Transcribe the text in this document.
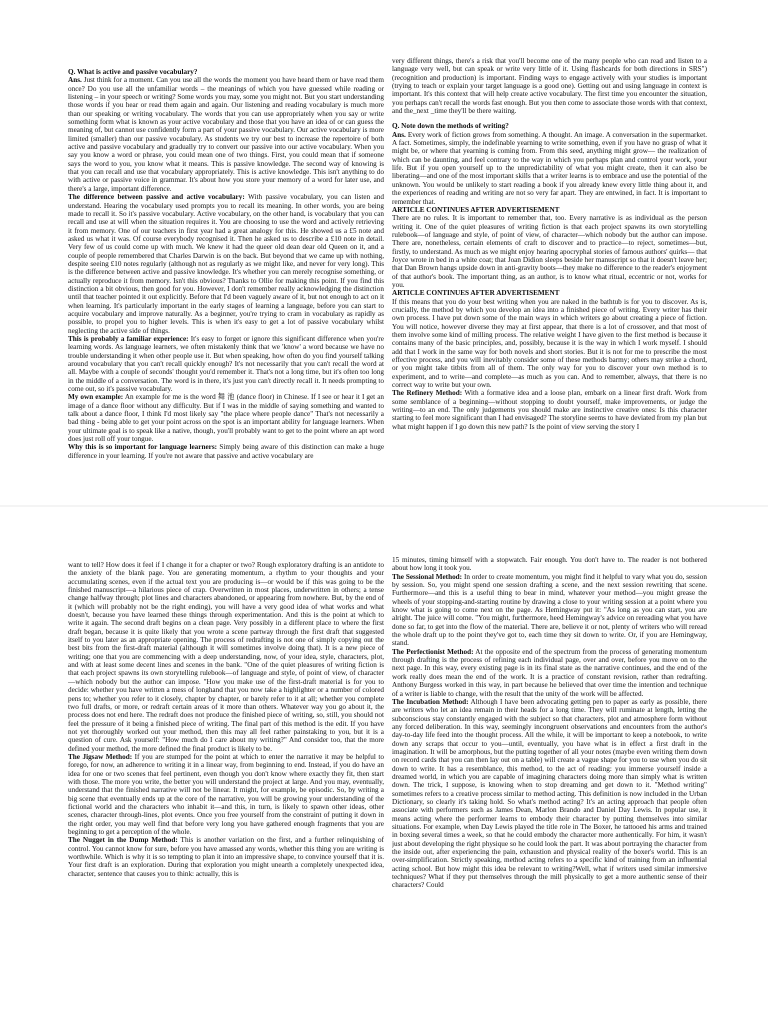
Q. What is active and passive vocabulary?

Ans. Just think for a moment. Can you use all the words the moment you have heard them or have read them once? Do you use all the unfamiliar words – the meanings of which you have guessed while reading or listening – in your speech or writing? Some words you may, some you might not. But you start understanding those words if you hear or read them again and again. Our listening and reading vocabulary is much more than our speaking or writing vocabulary. The words that you can use appropriately when you say or write something form what is known as your active vocabulary and those that you have an idea of or can guess the meaning of, but cannot use confidently form a part of your passive vocabulary. Our active vocabulary is more limited (smaller) than our passive vocabulary. As students we try our best to increase the repertoire of both active and passive vocabulary and gradually try to convert our passive into our active vocabulary. When you say you know a word or phrase, you could mean one of two things. First, you could mean that if someone says the word to you, you know what it means. This is passive knowledge. The second way of knowing is that you can recall and use that vocabulary appropriately. This is active knowledge. This isn't anything to do with active or passive voice in grammar. It's about how you store your memory of a word for later use, and there's a large, important difference.

The difference between passive and active vocabulary: With passive vocabulary, you can listen and understand. Hearing the vocabulary used prompts you to recall its meaning. In other words, you are being made to recall it. So it's passive vocabulary. Active vocabulary, on the other hand, is vocabulary that you can recall and use at will when the situation requires it. You are choosing to use the word and actively retrieving it from memory. One of our teachers in first year had a great analogy for this. He showed us a £5 note and asked us what it was. Of course everybody recognised it. Then he asked us to describe a £10 note in detail. Very few of us could come up with much. We knew it had the queer old dean dear old Queen on it, and a couple of people remembered that Charles Darwin is on the back. But beyond that we came up with nothing, despite seeing £10 notes regularly (although not as regularly as we might like, and never for very long). This is the difference between active and passive knowledge. It's whether you can merely recognise something, or actually reproduce it from memory. Isn't this obvious? Thanks to Ollie for making this point. If you find this distinction a bit obvious, then good for you. However, I don't remember really acknowledging the distinction until that teacher pointed it out explicitly. Before that I'd been vaguely aware of it, but not enough to act on it when learning. It's particularly important in the early stages of learning a language, before you can start to acquire vocabulary and improve naturally. As a beginner, you're trying to cram in vocabulary as rapidly as possible, to propel you to higher levels. This is when it's easy to get a lot of passive vocabulary whilst neglecting the active side of things.

This is probably a familiar experience: It's easy to forget or ignore this significant difference when you're learning words. As language learners, we often mistakenly think that we 'know' a word because we have no trouble understanding it when other people use it. But when speaking, how often do you find yourself talking around vocabulary that you can't recall quickly enough? It's not necessarily that you can't recall the word at all. Maybe with a couple of seconds' thought you'd remember it. That's not a long time, but it's often too long in the middle of a conversation. The word is in there, it's just you can't directly recall it. It needs prompting to come out, so it's passive vocabulary.

My own example: An example for me is the word 舞 池 (dance floor) in Chinese. If I see or hear it I get an image of a dance floor without any difficulty. But if I was in the middle of saying something and wanted to talk about a dance floor, I think I'd most likely say "the place where people dance" That's not necessarily a bad thing - being able to get your point across on the spot is an important ability for language learners. When your ultimate goal is to speak like a native, though, you'll probably want to get to the point where an apt word does just roll off your tongue.

Why this is so important for language learners: Simply being aware of this distinction can make a huge difference in your learning. If you're not aware that passive and active vocabulary are

very different things, there's a risk that you'll become one of the many people who can read and listen to a language very well, but can speak or write very little of it. Using flashcards for both directions in SRS") (recognition and production) is important. Finding ways to engage actively with your studies is important (trying to teach or explain your target language is a good one). Getting out and using language in context is important. It's this context that will help create active vocabulary. The first time you encounter the situation, you perhaps can't recall the words fast enough. But you then come to associate those words with that context, and the_next _time they'll be there waiting.

Q. Note down the methods of writing?

Ans. Every work of fiction grows from something. A thought. An image. A conversation in the supermarket. A fact. Sometimes, simply, the indefinable yearning to write something, even if you have no grasp of what it might be, or where that yearning is coming from. From this seed, anything might grow— the realization of which can be daunting, and feel contrary to the way in which you perhaps plan and control your work, your life. But if you open yourself up to the unpredictability of what you might create, then it can also be liberating—and one of the most important skills that a writer learns is to embrace and use the potential of the unknown. You would be unlikely to start reading a book if you already knew every little thing about it, and the experiences of reading and writing are not so very far apart. They are entwined, in fact. It is important to remember that.

ARTICLE CONTINUES AFTER ADVERTISEMENT

There are no rules. It is important to remember that, too. Every narrative is as individual as the person writing it. One of the quiet pleasures of writing fiction is that each project spawns its own storytelling rulebook—of language and style, of point of view, of character—which nobody but the author can impose. There are, nonetheless, certain elements of craft to discover and to practice—to reject, sometimes—but, firstly, to understand. As much as we might enjoy hearing apocryphal stories of famous authors' quirks— that Joyce wrote in bed in a white coat; that Joan Didion sleeps beside her manuscript so that it doesn't leave her; that Dan Brown hangs upside down in anti-gravity boots—they make no difference to the reader's enjoyment of that author's book. The important thing, as an author, is to know what ritual, eccentric or not, works for you.

ARTICLE CONTINUES AFTER ADVERTISEMENT

If this means that you do your best writing when you are naked in the bathtub is for you to discover. As is, crucially, the method by which you develop an idea into a finished piece of writing. Every writer has their own process. I have put down some of the main ways in which writers go about creating a piece of fiction. You will notice, however diverse they may at first appear, that there is a lot of crossover, and that most of them involve some kind of milling process. The relative weight I have given to the first method is because it contains many of the basic principles, and, possibly, because it is the way in which I work myself. I should add that I work in the same way for both novels and short stories. But it is not for me to prescribe the most effective process, and you will inevitably consider some of these methods barmy; others may strike a chord, or you might take titbits from all of them. The only way for you to discover your own method is to experiment, and to write—and complete—as much as you can. And to remember, always, that there is no correct way to write but your own.

The Refinery Method: With a formative idea and a loose plan, embark on a linear first draft. Work from some semblance of a beginning—without stopping to doubt yourself, make improvements, or judge the writing—to an end. The only judgements you should make are instinctive creative ones: Is this character starting to feel more significant than I had envisaged? The storyline seems to have deviated from my plan but what might happen if I go down this new path? Is the point of view serving the story I

want to tell? How does it feel if I change it for a chapter or two? Rough exploratory drafting is an antidote to the anxiety of the blank page. You are generating momentum, a rhythm to your thoughts and your accumulating scenes, even if the actual text you are producing is—or would be if this was going to be the finished manuscript—a hilarious piece of crap. Overwritten in most places, underwritten in others; a tense change halfway through; plot lines and characters abandoned, or appearing from nowhere. But, by the end of it (which will probably not be the right ending), you will have a very good idea of what works and what doesn't, because you have learned these things through experimentation. And this is the point at which to write it again. The second draft begins on a clean page. Very possibly in a different place to where the first draft began, because it is quite likely that you wrote a scene partway through the first draft that suggested itself to you later as an appropriate opening. The process of redrafting is not one of simply copying out the best bits from the first-draft material (although it will sometimes involve doing that). It is a new piece of writing; one that you are commencing with a deep understanding, now, of your idea, style, characters, plot, and with at least some decent lines and scenes in the bank. "One of the quiet pleasures of writing fiction is that each project spawns its own storytelling rulebook—of language and style, of point of view, of character—which nobody but the author can impose. "How you make use of the first-draft material is for you to decide: whether you have written a mess of longhand that you now take a highlighter or a number of colored pens to; whether you refer to it closely, chapter by chapter, or barely refer to it at all; whether you complete two full drafts, or more, or redraft certain areas of it more than others. Whatever way you go about it, the process does not end here. The redraft does not produce the finished piece of writing, so, still, you should not feel the pressure of it being a finished piece of writing. The final part of this method is the edit. If you have not yet thoroughly worked out your method, then this may all feel rather painstaking to you, but it is a question of cure. Ask yourself: "How much do I care about my writing?" And consider too, that the more defined your method, the more defined the final product is likely to be.

The Jigsaw Method: If you are stumped for the point at which to enter the narrative it may be helpful to forego, for now, an adherence to writing it in a linear way, from beginning to end. Instead, if you do have an idea for one or two scenes that feel pertinent, even though you don't know where exactly they fit, then start with those. The more you write, the better you will understand the project at large. And you may, eventually, understand that the finished narrative will not be linear. It might, for example, be episodic. So, by writing a big scene that eventually ends up at the core of the narrative, you will be growing your understanding of the fictional world and the characters who inhabit it—and this, in turn, is likely to spawn other ideas, other scenes, character through-lines, plot events. Once you free yourself from the constraint of putting it down in the right order, you may well find that before very long you have gathered enough fragments that you are beginning to get a perception of the whole.

The Nugget in the Dump Method: This is another variation on the first, and a further relinquishing of control. You cannot know for sure, before you have amassed any words, whether this thing you are writing is worthwhile. Which is why it is so tempting to plan it into an impressive shape, to convince yourself that it is. Your first draft is an exploration. During that exploration you might unearth a completely unexpected idea, character, sentence that causes you to think: actually, this is

15 minutes, timing himself with a stopwatch. Fair enough. You don't have to. The reader is not bothered about how long it took you.

The Sessional Method: In order to create momentum, you might find it helpful to vary what you do, session by session. So, you might spend one session drafting a scene, and the next session rewriting that scene. Furthermore—and this is a useful thing to bear in mind, whatever your method—you might grease the wheels of your stopping-and-starting routine by drawing a close to your writing session at a point where you know what is going to come next on the page. As Hemingway put it: "As long as you can start, you are alright. The juice will come. "You might, furthermore, heed Hemingway's advice on rereading what you have done so far, to get into the flow of the material. There are, believe it or not, plenty of writers who will reread the whole draft up to the point they've got to, each time they sit down to write. Or, if you are Hemingway, stand.

The Perfectionist Method: At the opposite end of the spectrum from the process of generating momentum through drafting is the process of refining each individual page, over and over, before you move on to the next page. In this way, every existing page is in its final state as the narrative continues, and the end of the work really does mean the end of the work. It is a practice of constant revision, rather than redrafting. Anthony Burgess worked in this way, in part because he believed that over time the intention and technique of a writer is liable to change, with the result that the unity of the work will be affected.

The Incubation Method: Although I have been advocating getting pen to paper as early as possible, there are writers who let an idea remain in their heads for a long time. They will ruminate at length, letting the subconscious stay constantly engaged with the subject so that characters, plot and atmosphere form without any forced deliberation. In this way, seemingly incongruent observations and encounters from the author's day-to-day life feed into the thought process. All the while, it will be important to keep a notebook, to write down any scraps that occur to you—until, eventually, you have what is in effect a first draft in the imagination. It will be amorphous, but the putting together of all your notes (maybe even writing them down on record cards that you can then lay out on a table) will create a vague shape for you to use when you do sit down to write. It has a resemblance, this method, to the act of reading: you immerse yourself inside a dreamed world, in which you are capable of imagining characters doing more than simply what is written down. The trick, I suppose, is knowing when to stop dreaming and get down to it. "Method writing" sometimes refers to a creative process similar to method acting. This definition is now included in the Urban Dictionary, so clearly it's taking hold. So what's method acting? It's an acting approach that people often associate with performers such as James Dean, Marlon Brando and Daniel Day Lewis. In popular use, it means acting where the performer learns to embody their character by putting themselves into similar situations. For example, when Day Lewis played the title role in The Boxer, he tattooed his arms and trained in boxing several times a week, so that he could embody the character more authentically. For him, it wasn't just about developing the right physique so he could look the part. It was about portraying the character from the inside out, after experiencing the pain, exhaustion and physical reality of the boxer's world. This is an over-simplification. Strictly speaking, method acting refers to a specific kind of training from an influential acting school. But how might this idea be relevant to writing?Well, what if writers used similar immersive techniques? What if they put themselves through the mill physically to get a more authentic sense of their characters? Could
